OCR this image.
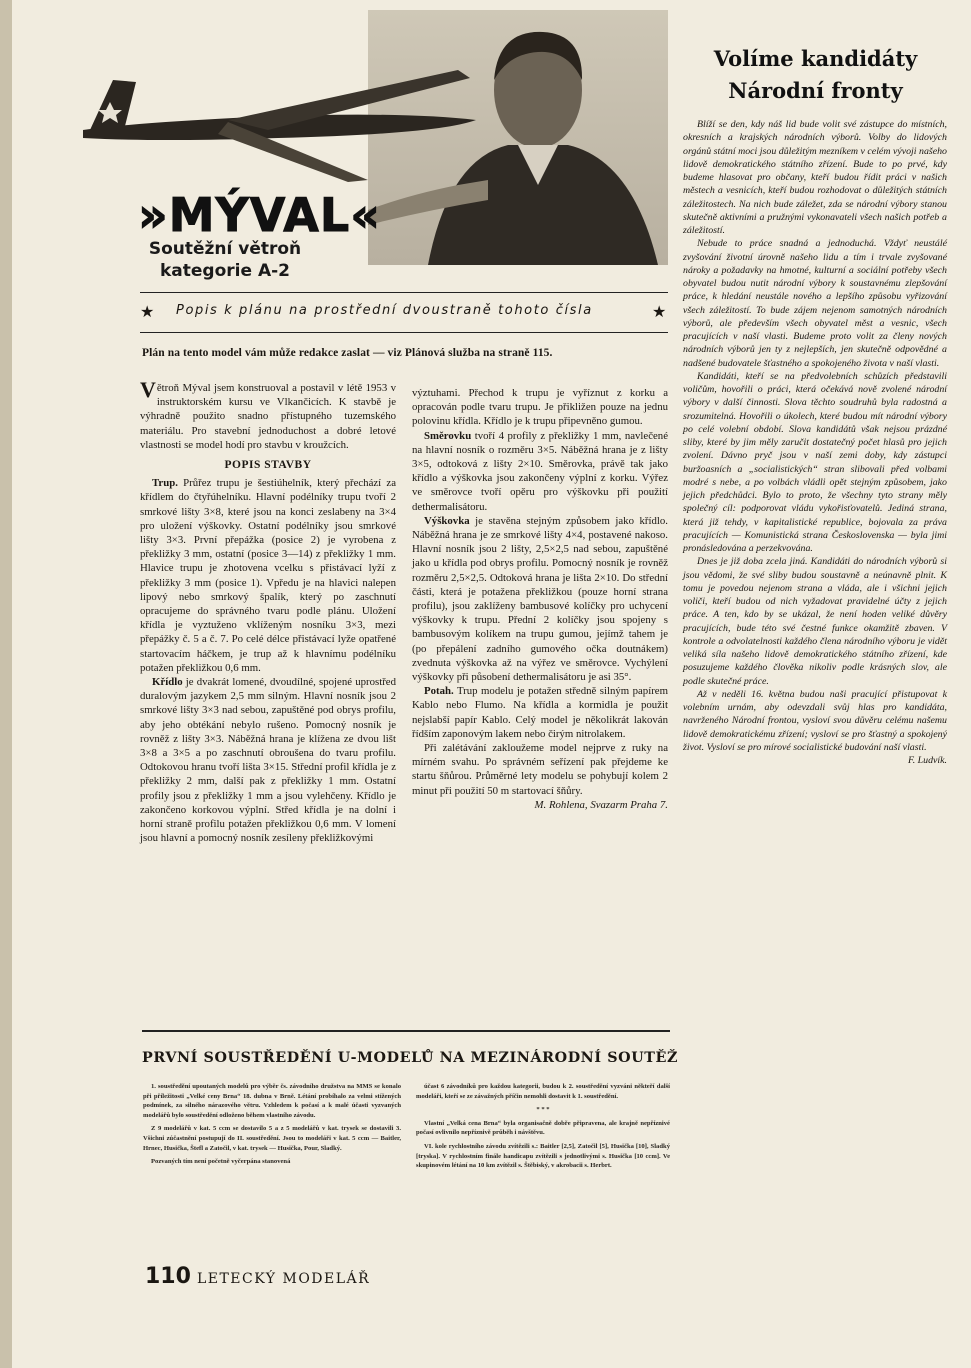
»MÝVAL«
Soutěžní větroň
kategorie A-2
★ Popis k plánu na prostřední dvoustraně tohoto čísla	★
Plán na tento model vám může redakce zaslat — viz Plánová služba na straně 115.

Větroň Mýval jsem konstruoval a postavil v létě 1953 v instruktorském kursu ve Vlkančicích. K stavbě je výhradně použito snadno přístupného tuzemského materiálu. Pro stavební jednoduchost a dobré letové vlastnosti se model hodí pro stavbu v kroužcích.

POPIS STAVBY

Trup. Průřez trupu je šestiúhelník, který přechází za křídlem do čtyřúhelníku. Hlavní podélníky trupu tvoří 2 smrkové lišty 3×8, které jsou na konci zeslabeny na 3×4 pro uložení výškovky. Ostatní podélníky jsou smrkové lišty 3×3. První přepážka (posice 2) je vyrobena z překližky 3 mm, ostatní (posice 3—14) z překližky 1 mm. Hlavice trupu je zhotovena vcelku s přistávací lyží z překližky 3 mm (posice 1). Vpředu je na hlavici nalepen lipový nebo smrkový špalík, který po zaschnutí opracujeme do správného tvaru podle plánu. Uložení křídla je vyztuženo vklíženým nosníku 3×3, mezi přepážky č. 5 a č. 7. Po celé délce přistávací lyže opatřené startovacím háčkem, je trup až k hlavnímu podélníku potažen překližkou 0,6 mm.

Křídlo je dvakrát lomené, dvoudílné, spojené uprostřed duralovým jazykem 2,5 mm silným. Hlavní nosník jsou 2 smrkové lišty 3×3 nad sebou, zapuštěné pod obrys profilu, aby jeho obtékání nebylo rušeno. Pomocný nosník je rovněž z lišty 3×3. Náběžná hrana je klížena ze dvou lišt 3×8 a 3×5 a po zaschnutí obroušena do tvaru profilu. Odtokovou hranu tvoří lišta 3×15. Střední profil křídla je z překližky 2 mm, další pak z překližky 1 mm. Ostatní profily jsou z překližky 1 mm a jsou vylehčeny. Křídlo je zakončeno korkovou výplní. Střed křídla je na dolní i horní straně profilu potažen překližkou 0,6 mm. V lomení jsou hlavní a pomocný nosník zesíleny překližkovými

výztuhami. Přechod k trupu je vyříznut z korku a opracován podle tvaru trupu. Je přikližen pouze na jednu polovinu křídla. Křídlo je k trupu připevněno gumou.

Směrovku tvoří 4 profily z překližky 1 mm, navlečené na hlavní nosník o rozměru 3×5. Náběžná hrana je z lišty 3×5, odtoková z lišty 2×10. Směrovka, právě tak jako křídlo a výškovka jsou zakončeny výplní z korku. Výřez ve směrovce tvoří opěru pro výškovku při použití dethermalisátoru.

Výškovka je stavěna stejným způsobem jako křídlo. Náběžná hrana je ze smrkové lišty 4×4, postavené nakoso. Hlavní nosník jsou 2 lišty, 2,5×2,5 nad sebou, zapuštěné jako u křídla pod obrys profilu. Pomocný nosník je rovněž rozměru 2,5×2,5. Odtoková hrana je lišta 2×10. Do střední části, která je potažena překližkou (pouze horní strana profilu), jsou zaklíženy bambusové kolíčky pro uchycení výškovky k trupu. Přední 2 kolíčky jsou spojeny s bambusovým kolíkem na trupu gumou, jejímž tahem je (po přepálení zadního gumového očka doutnákem) zvednuta výškovka až na výřez ve směrovce. Vychýlení výškovky při působení dethermalisátoru je asi 35°.

Potah. Trup modelu je potažen středně silným papírem Kablo nebo Flumo. Na křídla a kormidla je použit nejslabší papír Kablo. Celý model je několikrát lakován řídším zaponovým lakem nebo čirým nitrolakem.

Při zalétávání zakloužeme model nejprve z ruky na mírném svahu. Po správném seřízení pak přejdeme ke startu šňůrou. Průměrné lety modelu se pohybují kolem 2 minut při použití 50 m startovací šňůry.

M. Rohlena, Svazarm Praha 7.

Volíme kandidáty
Národní fronty

Blíží se den, kdy náš lid bude volit své zástupce do místních, okresních a krajských národních výborů. Volby do lidových orgánů státní moci jsou důležitým mezníkem v celém vývoji našeho lidově demokratického státního zřízení. Bude to po prvé, kdy budeme hlasovat pro občany, kteří budou řídit práci v našich městech a vesnicích, kteří budou rozhodovat o důležitých státních záležitostech. Na nich bude záležet, zda se národní výbory stanou skutečně aktivními a pružnými vykonavateli všech našich potřeb a záležitostí.

Nebude to práce snadná a jednoduchá. Vždyť neustálé zvyšování životní úrovně našeho lidu a tím i trvale zvyšované nároky a požadavky na hmotné, kulturní a sociální potřeby všech obyvatel budou nutit národní výbory k soustavnému zlepšování práce, k hledání neustále nového a lepšího způsobu vyřizování všech záležitostí. To bude zájem nejenom samotných národních výborů, ale především všech obyvatel měst a vesnic, všech pracujících v naší vlasti. Budeme proto volit za členy nových národních výborů jen ty z nejlepších, jen skutečně odpovědné a nadšené budovatele šťastného a spokojeného života v naší vlasti.

Kandidáti, kteří se na předvolebních schůzích představili voličům, hovořili o práci, která očekává nově zvolené národní výbory v další činnosti. Slova těchto soudruhů byla radostná a srozumitelná. Hovořili o úkolech, které budou mít národní výbory po celé volební období. Slova kandidátů však nejsou prázdné sliby, které by jim měly zaručit dostatečný počet hlasů pro jejich zvolení. Dávno pryč jsou v naší zemi doby, kdy zástupci buržoasních a „socialistických“ stran slibovali před volbami modré s nebe, a po volbách vládli opět stejným způsobem, jako jejich předchůdci. Bylo to proto, že všechny tyto strany měly společný cíl: podporovat vládu vykořisťovatelů. Jediná strana, která již tehdy, v kapitalistické republice, bojovala za práva pracujících — Komunistická strana Československa — byla jimi pronásledována a perzekvována.

Dnes je již doba zcela jiná. Kandidáti do národních výborů si jsou vědomi, že své sliby budou soustavně a neúnavně plnit. K tomu je povedou nejenom strana a vláda, ale i všichni jejich voliči, kteří budou od nich vyžadovat pravidelné účty z jejich práce. A ten, kdo by se ukázal, že není hoden veliké důvěry pracujících, bude této své čestné funkce okamžitě zbaven. V kontrole a odvolatelnosti každého člena národního výboru je vidět veliká síla našeho lidově demokratického státního zřízení, kde posuzujeme každého člověka nikoliv podle krásných slov, ale podle skutečné práce.

Až v neděli 16. května budou naši pracující přistupovat k volebním urnám, aby odevzdali svůj hlas pro kandidáta, navrženého Národní frontou, vysloví svou důvěru celému našemu lidově demokratickému zřízení; vysloví se pro šťastný a spokojený život. Vysloví se pro mírové socialistické budování naší vlasti.

F. Ludvík.

PRVNÍ SOUSTŘEDĚNÍ U-MODELŮ NA MEZINÁRODNÍ SOUTĚŽ

1. soustředění upoutaných modelů pro výběr čs. závodního družstva na MMS se konalo při příležitosti „Velké ceny Brna“ 18. dubna v Brně. Létání probíhalo za velmi stížených podmínek, za silného nárazového větru. Vzhledem k počasí a k malé účasti vyzvaných modelářů bylo soustředění odloženo během vlastního závodu.

Z 9 modelářů v kat. 5 ccm se dostavilo 5 a z 5 modelářů v kat. trysek se dostavili 3. Všichni zúčastnění postupují do II. soustředění. Jsou to modeláři v kat. 5 ccm — Baitler, Hrnec, Husička, Štefl a Zatočil, v kat. trysek — Husička, Pour, Sladký.

Pozvaných tím není početně vyčerpána stanovená

účast 6 závodníků pro každou kategorii, budou k 2. soustředění vyzváni někteří další modeláři, kteří se ze závažných příčin nemohli dostavit k 1. soustředění.

* * *

Vlastní „Velká cena Brna“ byla organisačně dobře připravena, ale krajně nepříznivé počasí ovlivnilo nepříznivě průběh i návštěvu.

VI. kole rychlostního závodu zvítězili s.: Baitler [2,5], Zatočil [5], Husička [10], Sladký [tryska]. V rychlostním finále handicapu zvítězili s jednotlivými s. Husička [10 ccm]. Ve skupinovém létání na 10 km zvítězil s. Štěbiský, v akrobacii s. Herbrt.

110 LETECKÝ MODELÁŘ
